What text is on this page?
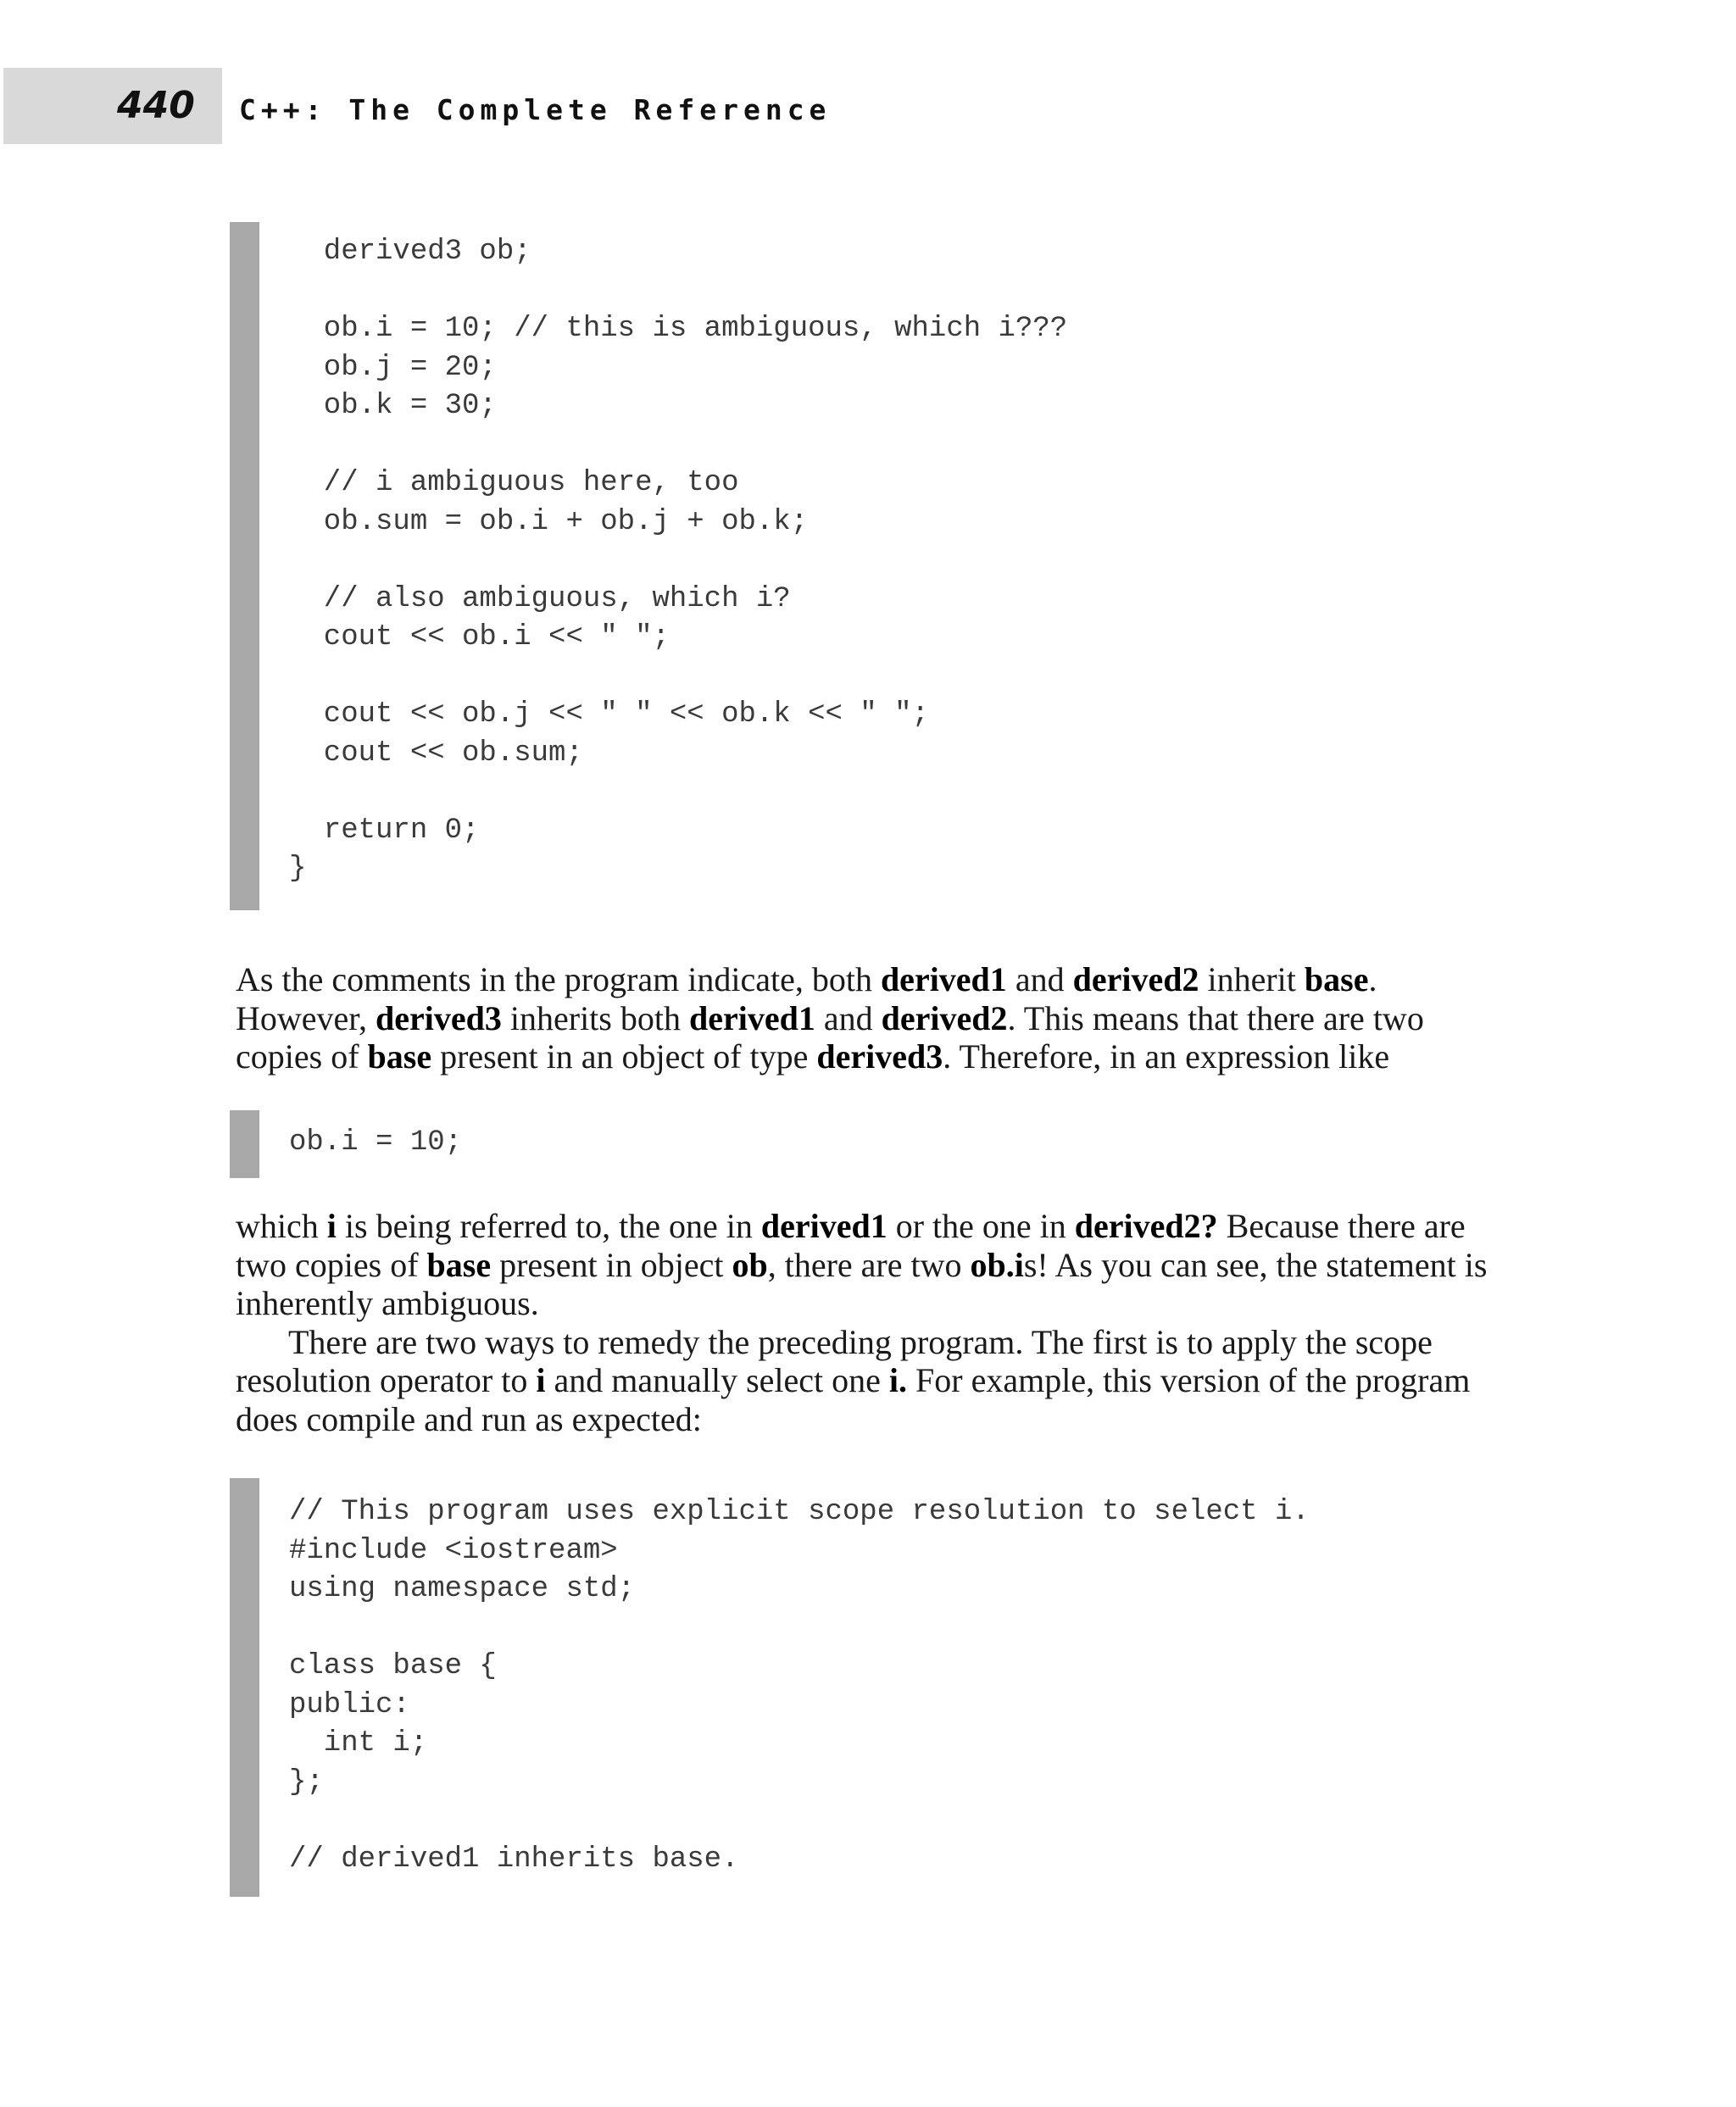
440 C++: The Complete Reference
derived3 ob;
ob.i = 10; // this is ambiguous, which i???
ob.j = 20;
ob.k = 30;
// i ambiguous here, too
ob.sum = ob.i + ob.j + ob.k;
// also ambiguous, which i?
cout << ob.i << " ";
cout << ob.j << " " << ob.k << " ";
cout << ob.sum;
return 0;
}

As the comments in the program indicate, both derived1 and derived2 inherit base. However, derived3 inherits both derived1 and derived2. This means that there are two copies of base present in an object of type derived3. Therefore, in an expression like

ob.i = 10;

which i is being referred to, the one in derived1 or the one in derived2? Because there are two copies of base present in object ob, there are two ob.is! As you can see, the statement is inherently ambiguous.

There are two ways to remedy the preceding program. The first is to apply the scope resolution operator to i and manually select one i. For example, this version of the program does compile and run as expected:

// This program uses explicit scope resolution to select i.
#include <iostream>
using namespace std;
class base {
public:
int i;
};
// derived1 inherits base.
